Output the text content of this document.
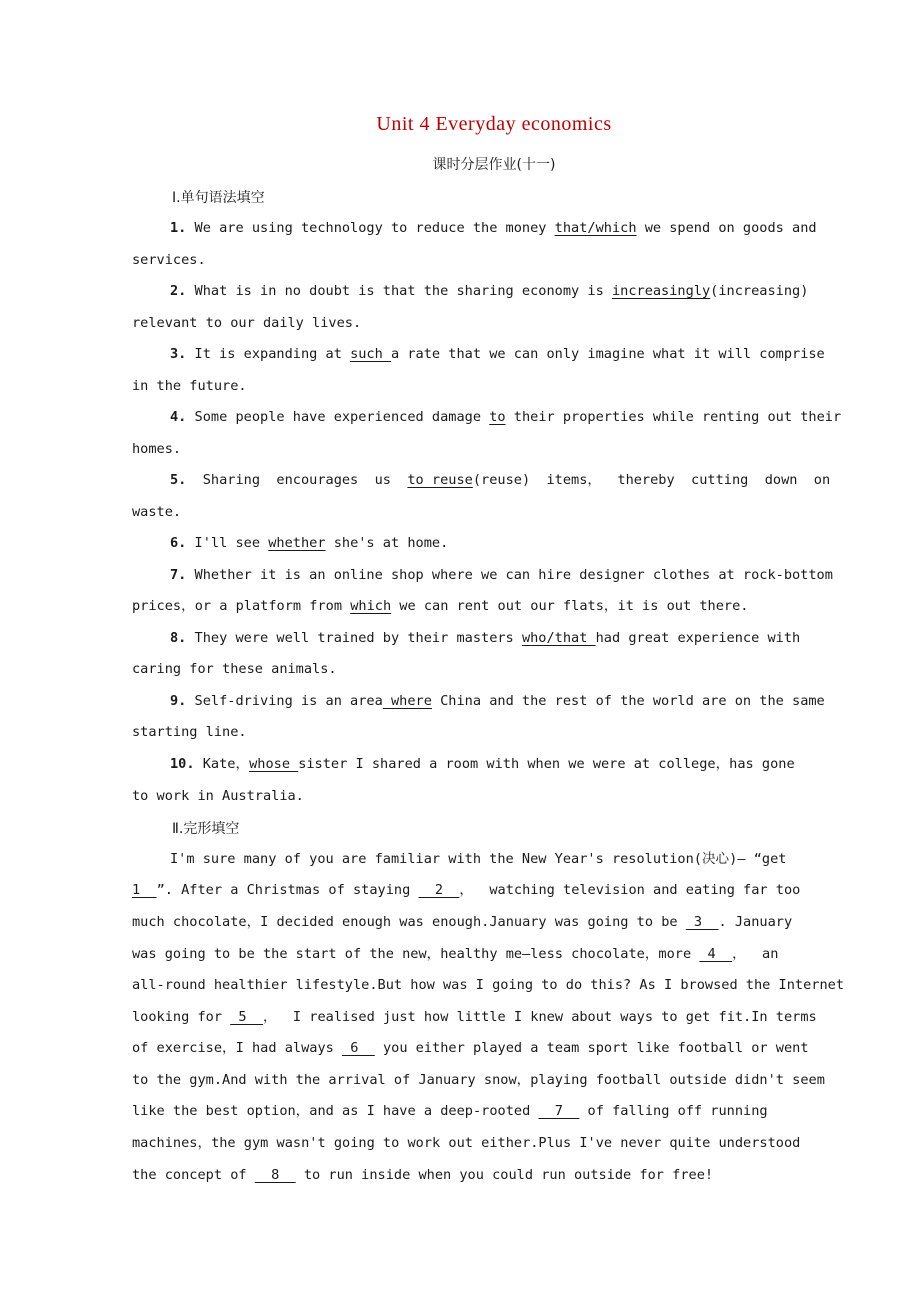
Unit 4 Everyday economics
课时分层作业(十一)
Ⅰ.单句语法填空
1. We are using technology to reduce the money that/which we spend on goods and
services.
2. What is in no doubt is that the sharing economy is increasingly(increasing)
relevant to our daily lives.
3. It is expanding at such a rate that we can only imagine what it will comprise
in the future.
4. Some people have experienced damage to their properties while renting out their
homes.
5.  Sharing  encourages  us  to reuse(reuse)  items，  thereby  cutting  down  on
waste.
6. I'll see whether she's at home.
7. Whether it is an online shop where we can hire designer clothes at rock-bottom
prices，or a platform from which we can rent out our flats，it is out there.
8. They were well trained by their masters who/that had great experience with
caring for these animals.
9. Self-driving is an area where China and the rest of the world are on the same
starting line.
10. Kate，whose sister I shared a room with when we were at college，has gone
to work in Australia.
Ⅱ.完形填空
I'm sure many of you are familiar with the New Year's resolution(决心)— “get
1  ”. After a Christmas of staying   2  ，  watching television and eating far too
much chocolate，I decided enough was enough.January was going to be  3  . January
was going to be the start of the new，healthy me—less chocolate，more  4  ，  an
all-round healthier lifestyle.But how was I going to do this? As I browsed the Internet
looking for  5  ，  I realised just how little I knew about ways to get fit.In terms
of exercise，I had always  6   you either played a team sport like football or went
to the gym.And with the arrival of January snow，playing football outside didn't seem
like the best option，and as I have a deep-rooted   7   of falling off running
machines，the gym wasn't going to work out either.Plus I've never quite understood
the concept of   8   to run inside when you could run outside for free!
